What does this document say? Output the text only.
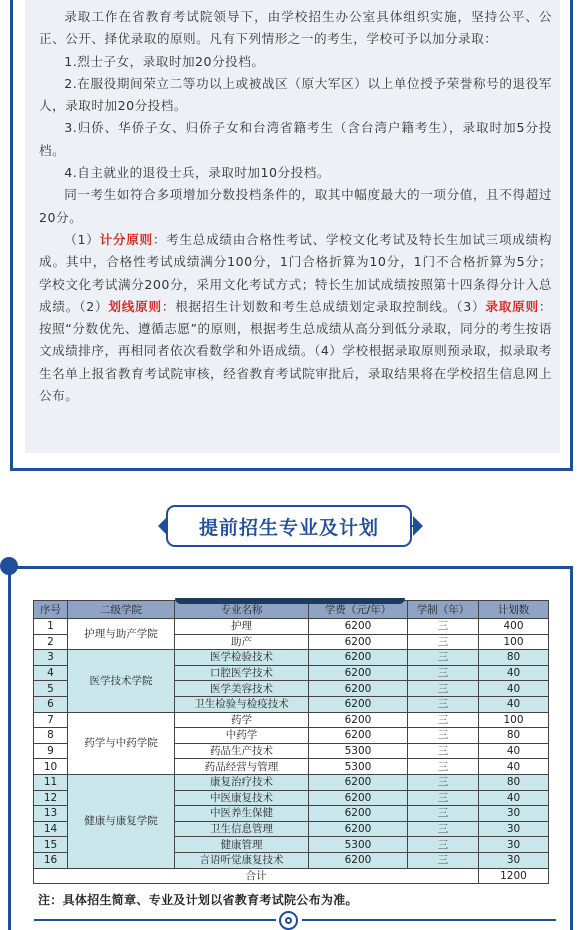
录取工作在省教育考试院领导下，由学校招生办公室具体组织实施，坚持公平、公正、公开、择优录取的原则。凡有下列情形之一的考生，学校可予以加分录取：

1.烈士子女，录取时加20分投档。

2.在服役期间荣立二等功以上或被战区（原大军区）以上单位授予荣誉称号的退役军人，录取时加20分投档。

3.归侨、华侨子女、归侨子女和台湾省籍考生（含台湾户籍考生），录取时加5分投档。

4.自主就业的退役士兵，录取时加10分投档。

同一考生如符合多项增加分数投档条件的，取其中幅度最大的一项分值，且不得超过20分。

（1）计分原则：考生总成绩由合格性考试、学校文化考试及特长生加试三项成绩构成。其中，合格性考试成绩满分100分，1门合格折算为10分，1门不合格折算为5分；学校文化考试满分200分，采用文化考试方式；特长生加试成绩按照第十四条得分计入总成绩。（2）划线原则：根据招生计划数和考生总成绩划定录取控制线。（3）录取原则：按照“分数优先、遵循志愿”的原则，根据考生总成绩从高分到低分录取，同分的考生按语文成绩排序，再相同者依次看数学和外语成绩。（4）学校根据录取原则预录取，拟录取考生名单上报省教育考试院审核，经省教育考试院审批后，录取结果将在学校招生信息网上公布。

提前招生专业及计划
序号	二级学院	专业名称	学费（元/年）	学制（年）	计划数
1	护理与助产学院	护理	6200	三	400
2		助产	6200	三	100
3	医学技术学院	医学检验技术	6200	三	80
4		口腔医学技术	6200	三	40
5		医学美容技术	6200	三	40
6		卫生检验与检疫技术	6200	三	40
7	药学与中药学院	药学	6200	三	100
8		中药学	6200	三	80
9		药品生产技术	5300	三	40
10		药品经营与管理	5300	三	40
11	健康与康复学院	康复治疗技术	6200	三	80
12		中医康复技术	6200	三	40
13		中医养生保健	6200	三	30
14		卫生信息管理	6200	三	30
15		健康管理	5300	三	30
16		言语听觉康复技术	6200	三	30
合计					1200
注：具体招生简章、专业及计划以省教育考试院公布为准。
